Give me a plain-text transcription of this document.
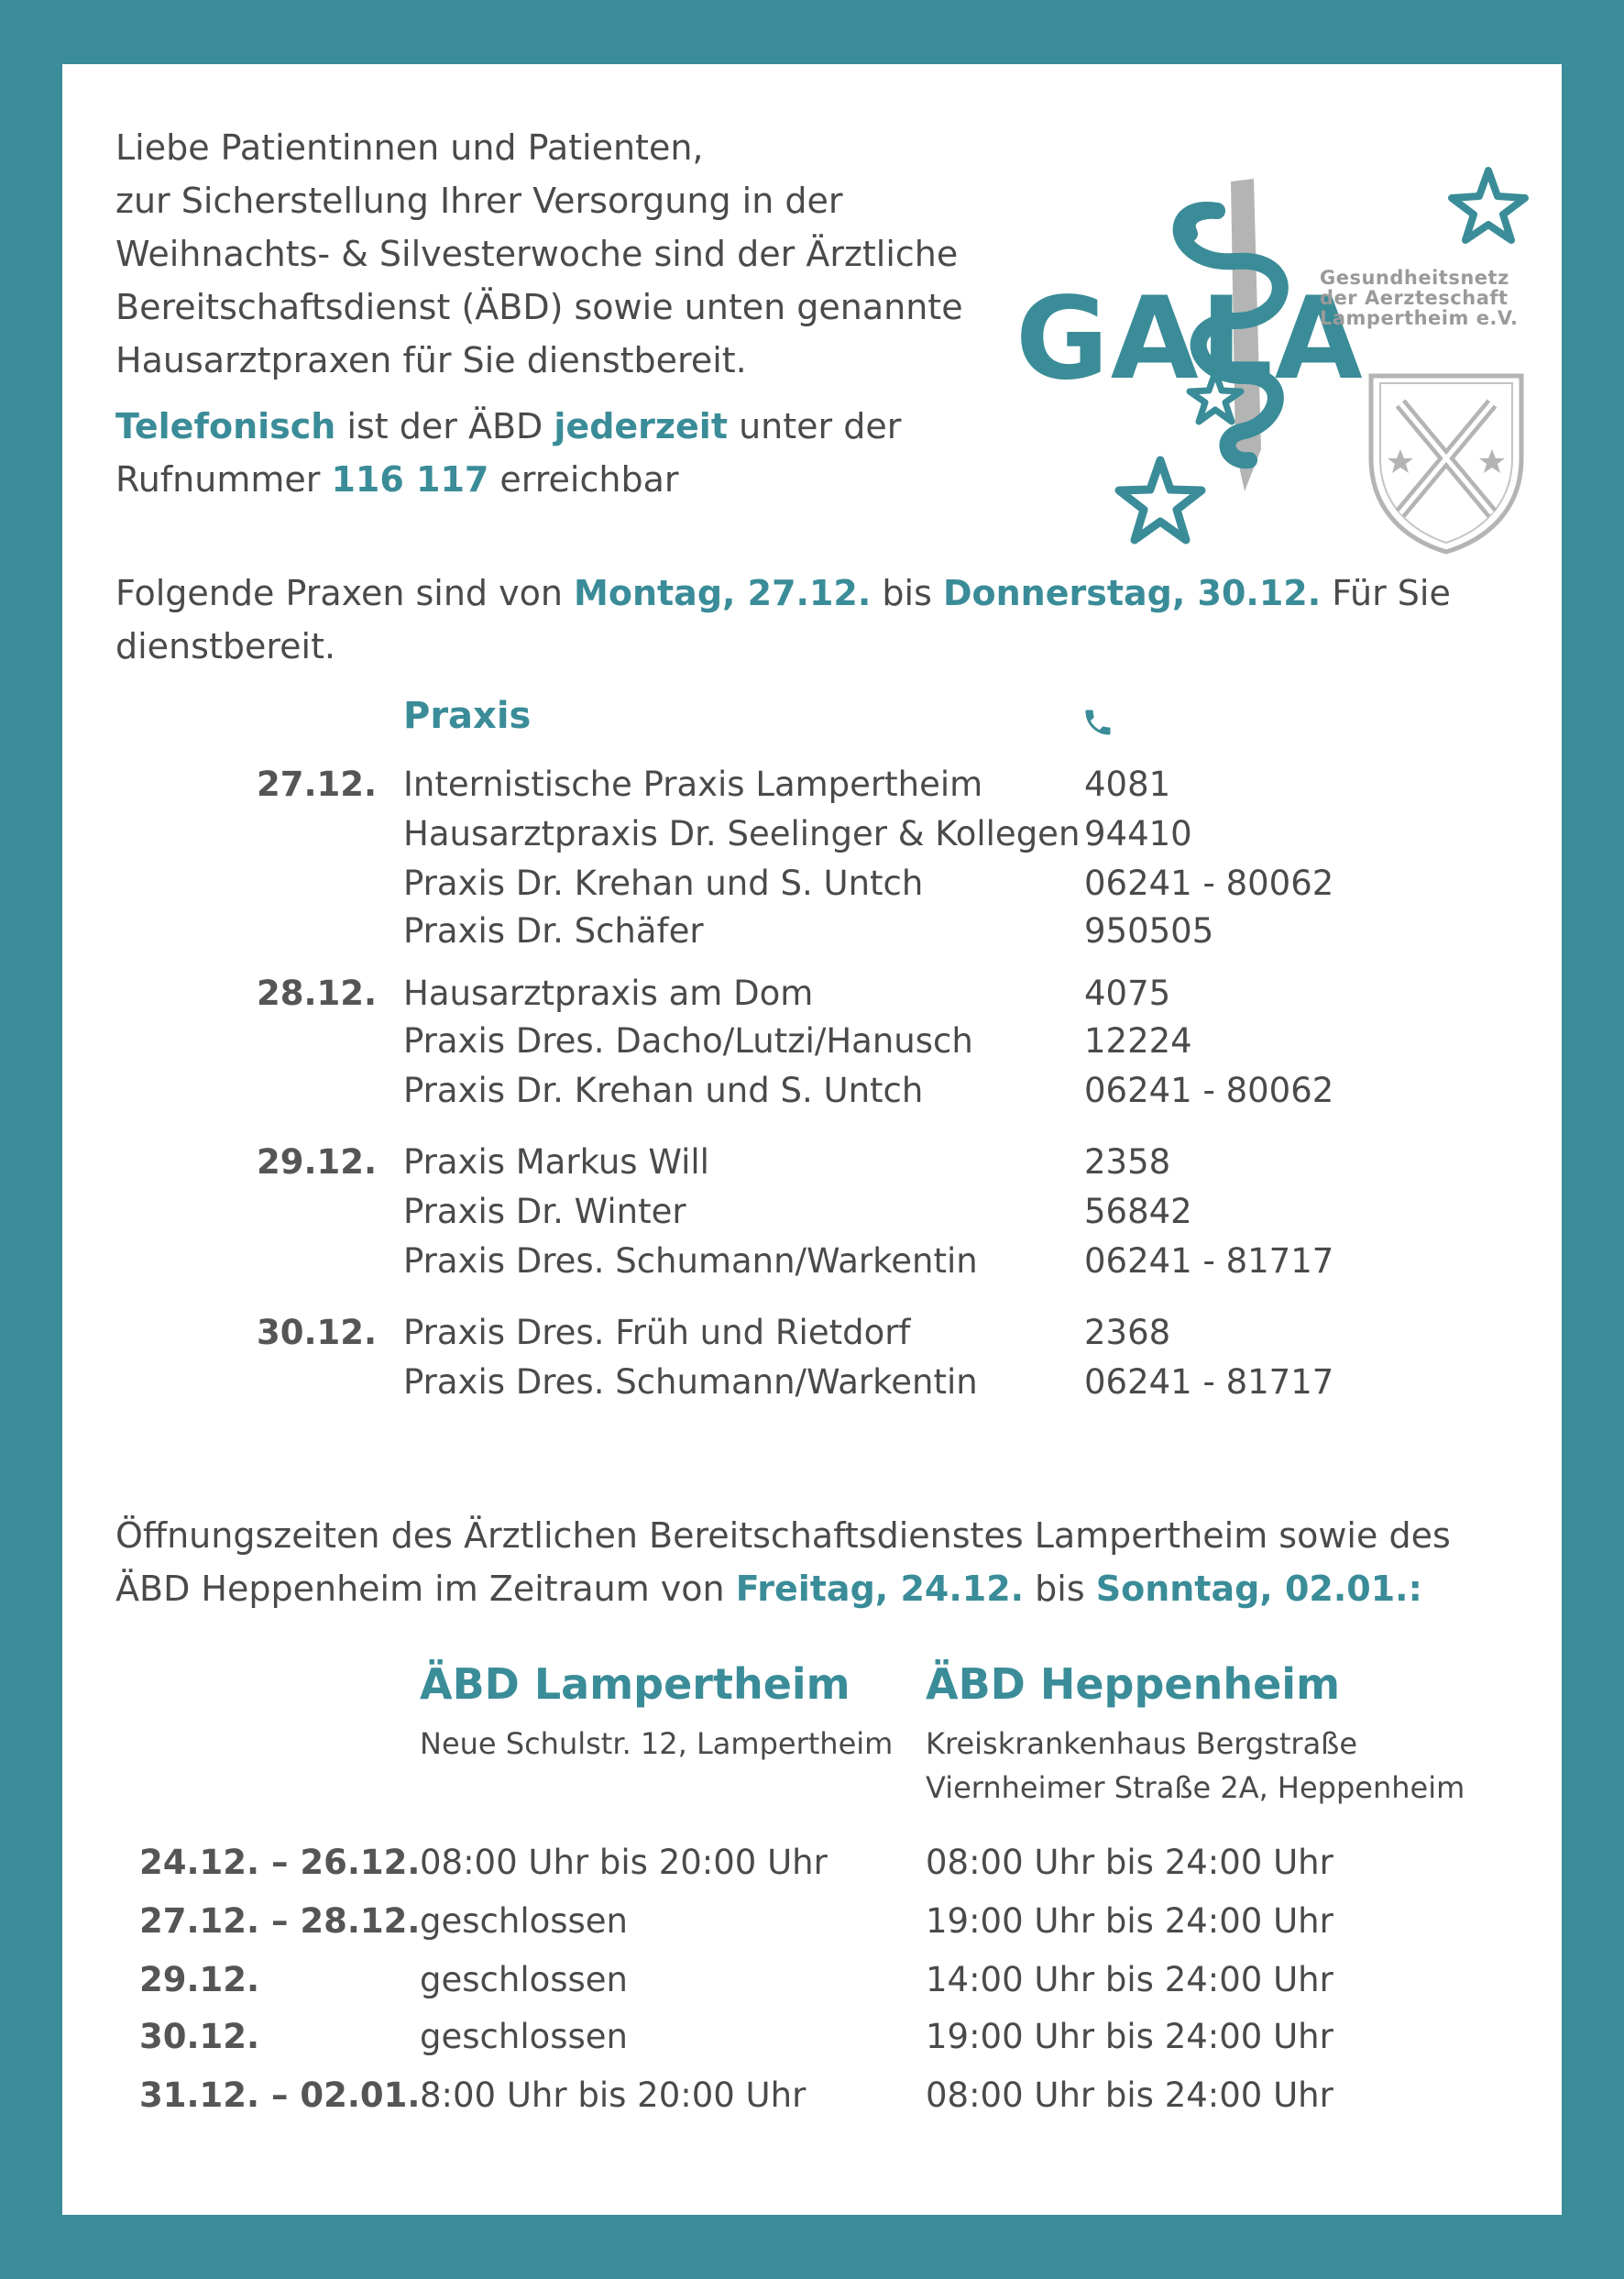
Liebe Patientinnen und Patienten,
zur Sicherstellung Ihrer Versorgung in der
Weihnachts- & Silvesterwoche sind der Ärztliche
Bereitschaftsdienst (ÄBD) sowie unten genannte
Hausarztpraxen für Sie dienstbereit.
Telefonisch ist der ÄBD jederzeit unter der
Rufnummer 116 117 erreichbar
GALA
Gesundheitsnetz
der Aerzteschaft
Lampertheim e.V.
Folgende Praxen sind von Montag, 27.12. bis Donnerstag, 30.12. Für Sie
dienstbereit.
Praxis
27.12. Internistische Praxis Lampertheim	4081
Hausarztpraxis Dr. Seelinger & Kollegen 94410
Praxis Dr. Krehan und S. Untch	06241 - 80062
Praxis Dr. Schäfer	950505
28.12. Hausarztpraxis am Dom	4075
Praxis Dres. Dacho/Lutzi/Hanusch	12224
Praxis Dr. Krehan und S. Untch	06241 - 80062
29.12. Praxis Markus Will	2358
Praxis Dr. Winter	56842
Praxis Dres. Schumann/Warkentin	06241 - 81717
30.12. Praxis Dres. Früh und Rietdorf	2368
Praxis Dres. Schumann/Warkentin	06241 - 81717
Öffnungszeiten des Ärztlichen Bereitschaftsdienstes Lampertheim sowie des
ÄBD Heppenheim im Zeitraum von Freitag, 24.12. bis Sonntag, 02.01.:
ÄBD Lampertheim
Neue Schulstr. 12, Lampertheim
ÄBD Heppenheim
Kreiskrankenhaus Bergstraße
Viernheimer Straße 2A, Heppenheim
24.12. – 26.12. 08:00 Uhr bis 20:00 Uhr	08:00 Uhr bis 24:00 Uhr
27.12. – 28.12. geschlossen	19:00 Uhr bis 24:00 Uhr
29.12.	geschlossen	14:00 Uhr bis 24:00 Uhr
30.12.	geschlossen	19:00 Uhr bis 24:00 Uhr
31.12. – 02.01. 8:00 Uhr bis 20:00 Uhr	08:00 Uhr bis 24:00 Uhr
